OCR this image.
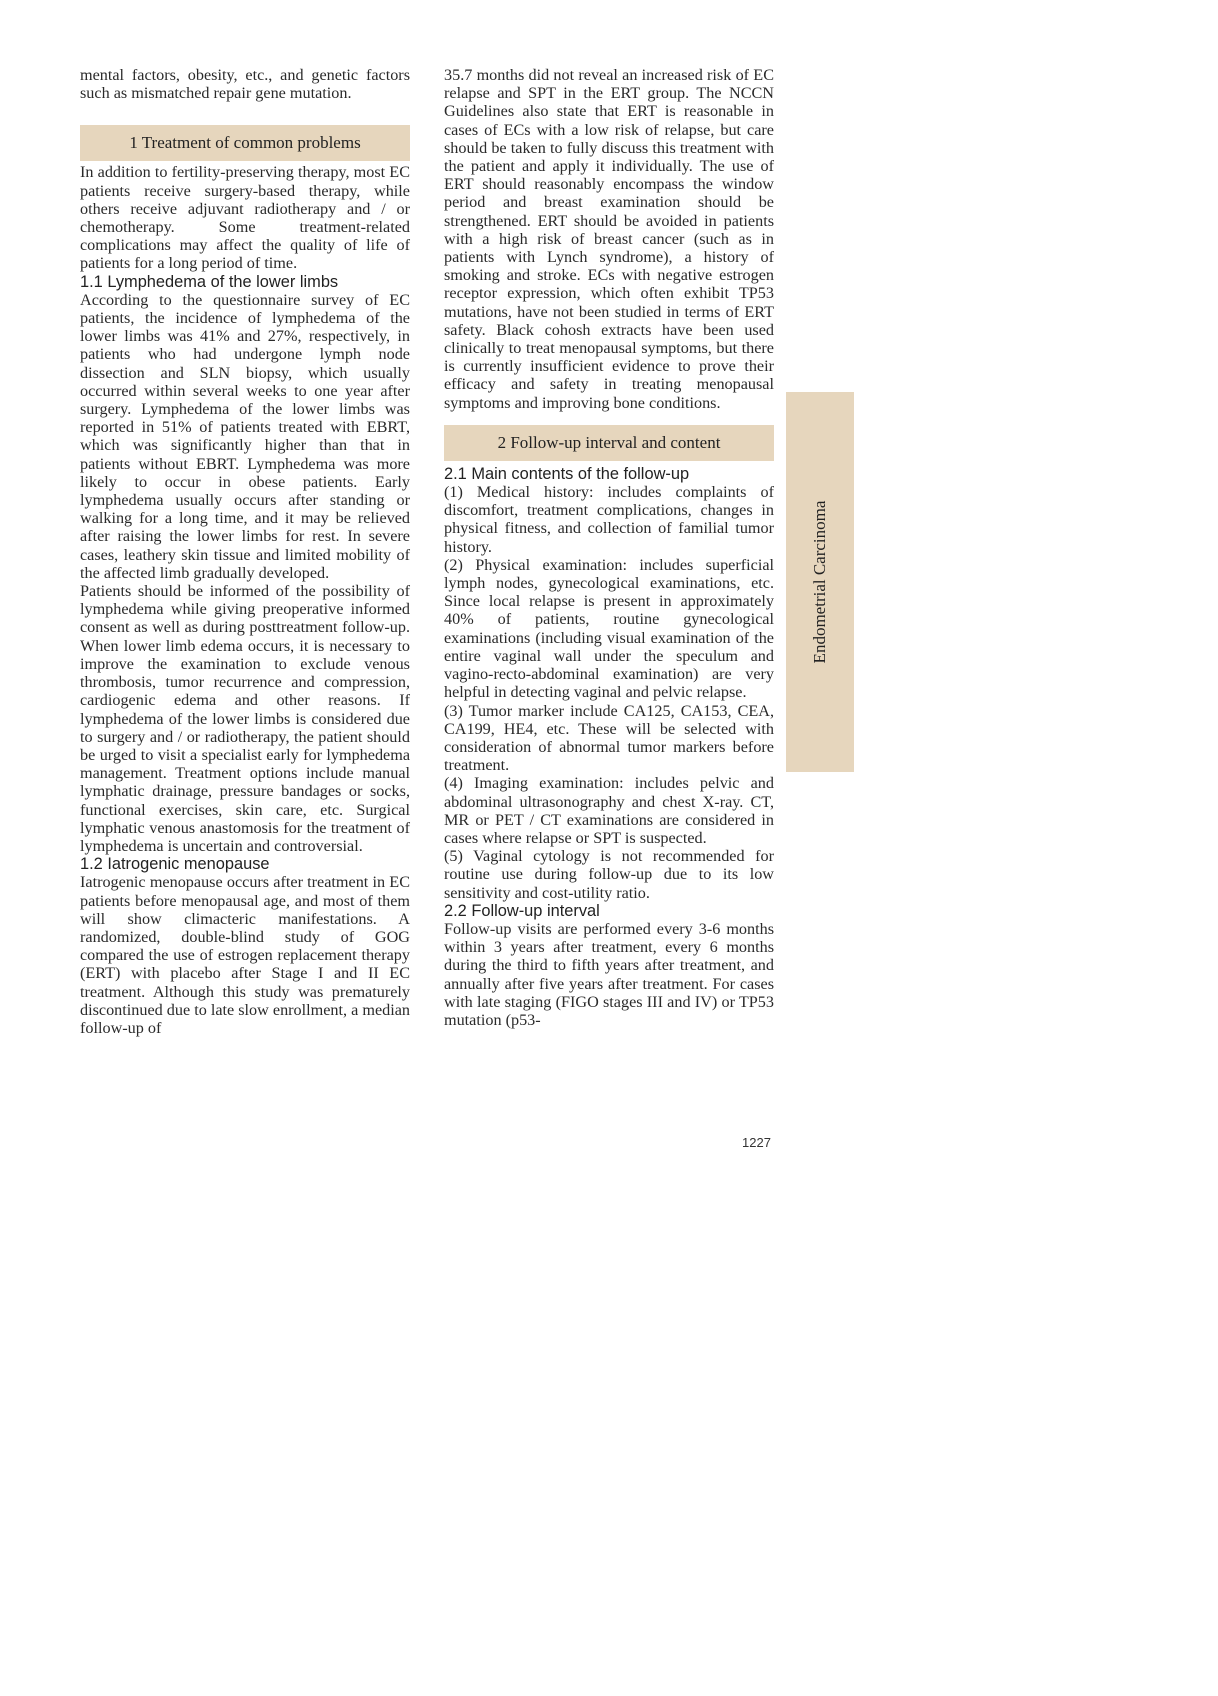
mental factors, obesity, etc., and genetic factors such as mismatched repair gene mutation.

1 Treatment of common problems

In addition to fertility-preserving therapy, most EC patients receive surgery-based therapy, while others receive adjuvant radiotherapy and / or chemotherapy. Some treatment-related complications may affect the quality of life of patients for a long period of time.

1.1 Lymphedema of the lower limbs

According to the questionnaire survey of EC patients, the incidence of lymphedema of the lower limbs was 41% and 27%, respectively, in patients who had undergone lymph node dissection and SLN biopsy, which usually occurred within several weeks to one year after surgery. Lymphedema of the lower limbs was reported in 51% of patients treated with EBRT, which was significantly higher than that in patients without EBRT. Lymphedema was more likely to occur in obese patients. Early lymphedema usually occurs after standing or walking for a long time, and it may be relieved after raising the lower limbs for rest. In severe cases, leathery skin tissue and limited mobility of the affected limb gradually developed.

Patients should be informed of the possibility of lymphedema while giving preoperative informed consent as well as during posttreatment follow-up. When lower limb edema occurs, it is necessary to improve the examination to exclude venous thrombosis, tumor recurrence and compression, cardiogenic edema and other reasons. If lymphedema of the lower limbs is considered due to surgery and / or radiotherapy, the patient should be urged to visit a specialist early for lymphedema management. Treatment options include manual lymphatic drainage, pressure bandages or socks, functional exercises, skin care, etc. Surgical lymphatic venous anastomosis for the treatment of lymphedema is uncertain and controversial.

1.2 Iatrogenic menopause

Iatrogenic menopause occurs after treatment in EC patients before menopausal age, and most of them will show climacteric manifestations. A randomized, double-blind study of GOG compared the use of estrogen replacement therapy (ERT) with placebo after Stage I and II EC treatment. Although this study was prematurely discontinued due to late slow enrollment, a median follow-up of

35.7 months did not reveal an increased risk of EC relapse and SPT in the ERT group. The NCCN Guidelines also state that ERT is reasonable in cases of ECs with a low risk of relapse, but care should be taken to fully discuss this treatment with the patient and apply it individually. The use of ERT should reasonably encompass the window period and breast examination should be strengthened. ERT should be avoided in patients with a high risk of breast cancer (such as in patients with Lynch syndrome), a history of smoking and stroke. ECs with negative estrogen receptor expression, which often exhibit TP53 mutations, have not been studied in terms of ERT safety. Black cohosh extracts have been used clinically to treat menopausal symptoms, but there is currently insufficient evidence to prove their efficacy and safety in treating menopausal symptoms and improving bone conditions.

2 Follow-up interval and content

2.1 Main contents of the follow-up

(1) Medical history: includes complaints of discomfort, treatment complications, changes in physical fitness, and collection of familial tumor history.

(2) Physical examination: includes superficial lymph nodes, gynecological examinations, etc. Since local relapse is present in approximately 40% of patients, routine gynecological examinations (including visual examination of the entire vaginal wall under the speculum and vagino-recto-abdominal examination) are very helpful in detecting vaginal and pelvic relapse.

(3) Tumor marker include CA125, CA153, CEA, CA199, HE4, etc. These will be selected with consideration of abnormal tumor markers before treatment.

(4) Imaging examination: includes pelvic and abdominal ultrasonography and chest X-ray. CT, MR or PET / CT examinations are considered in cases where relapse or SPT is suspected.

(5) Vaginal cytology is not recommended for routine use during follow-up due to its low sensitivity and cost-utility ratio.

2.2 Follow-up interval

Follow-up visits are performed every 3-6 months within 3 years after treatment, every 6 months during the third to fifth years after treatment, and annually after five years after treatment. For cases with late staging (FIGO stages III and IV) or TP53 mutation (p53-

Endometrial Carcinoma
1227
